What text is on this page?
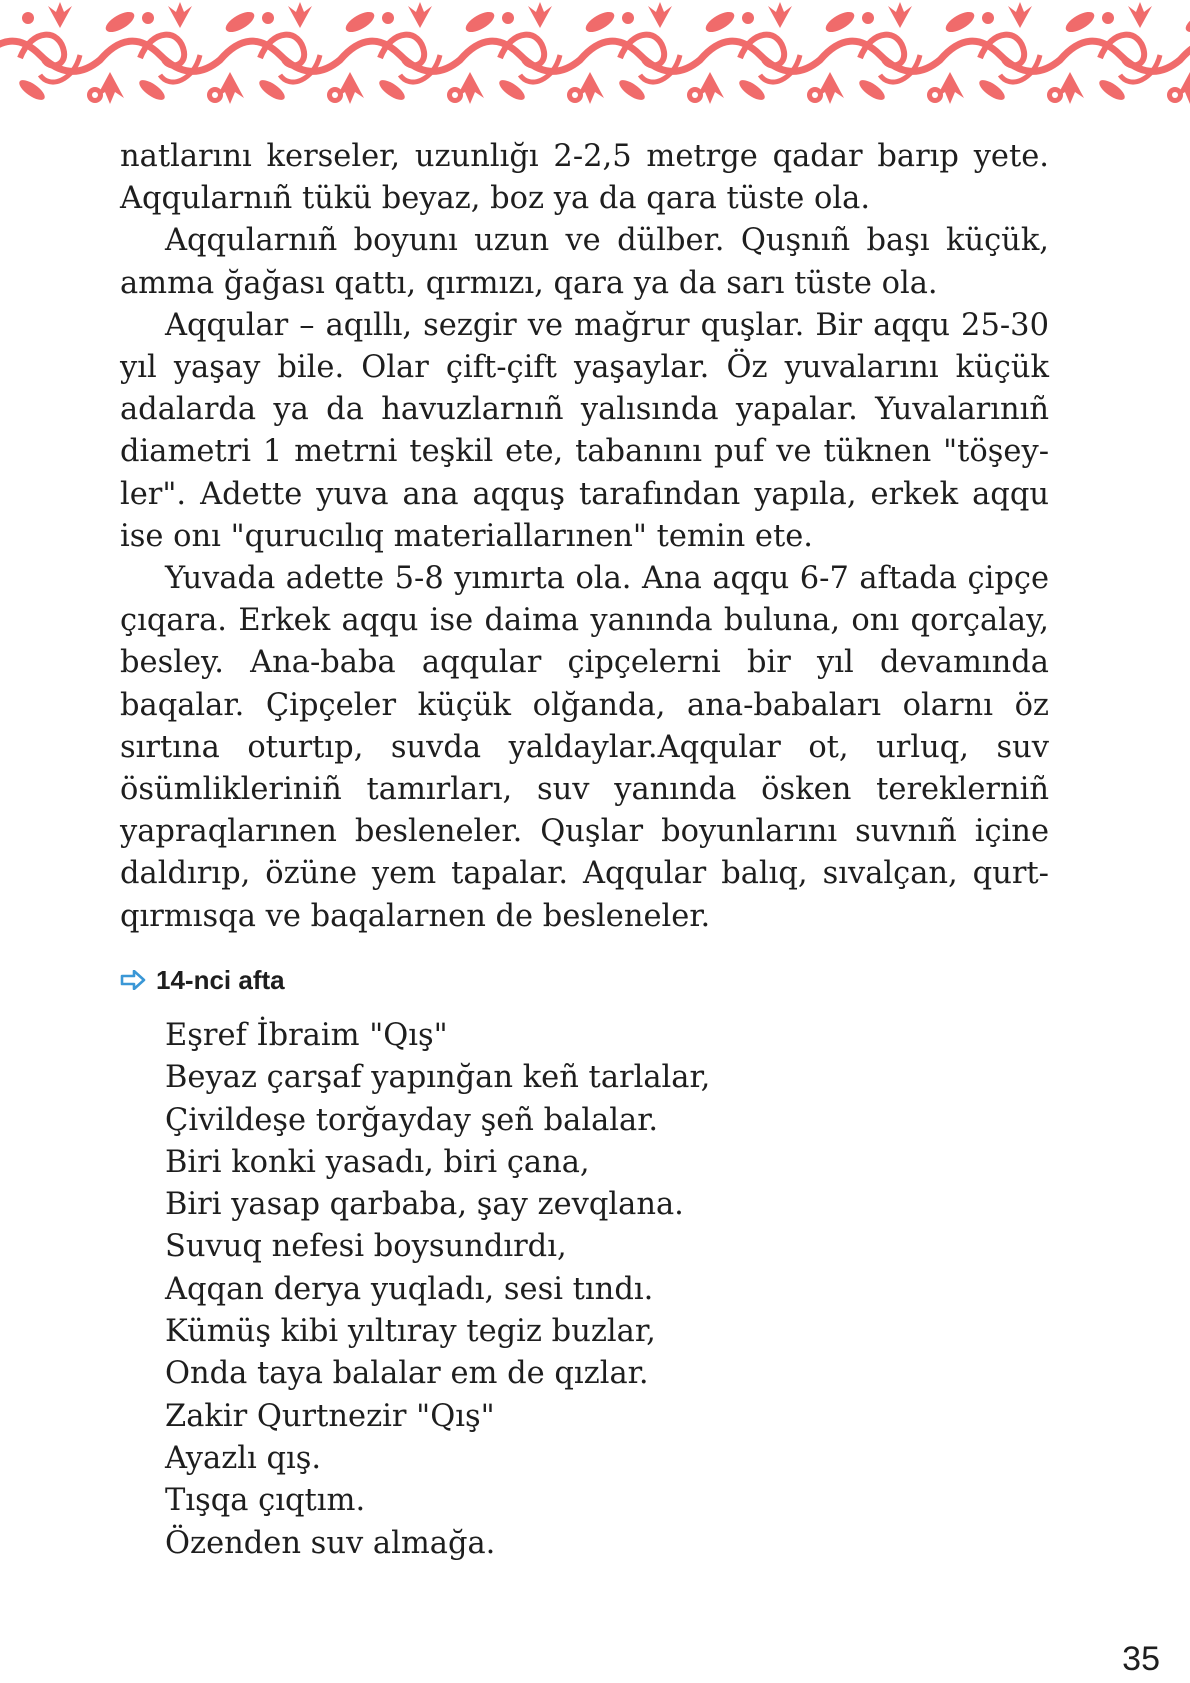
natlarını kerseler, uzunlığı 2-2,5 metrge qadar barıp yete. Aqqularnıñ tükü beyaz, boz ya da qara tüste ola.

Aqqularnıñ boyunı uzun ve dülber. Quşnıñ başı küçük, amma ğağası qattı, qırmızı, qara ya da sarı tüste ola.

Aqqular – aqıllı, sezgir ve mağrur quşlar. Bir aqqu 25-30 yıl yaşay bile. Olar çift-çift yaşaylar. Öz yuvalarını küçük adalarda ya da havuzlarnıñ yalısında yapalar. Yuvalarınıñ diametri 1 metrni teşkil ete, tabanını puf ve tüknen "töşeyler". Adette yuva ana aqquş tarafından yapıla, erkek aqqu ise onı "qurucılıq materiallarınen" temin ete.

Yuvada adette 5-8 yımırta ola. Ana aqqu 6-7 aftada çipçe çıqara. Erkek aqqu ise daima yanında buluna, onı qorçalay, besley. Ana-baba aqqular çipçelerni bir yıl devamında baqalar. Çipçeler küçük olğanda, ana-babaları olarnı öz sırtına oturtıp, suvda yaldaylar.Aqqular ot, urluq, suv ösümlikleriniñ tamırları, suv yanında ösken tereklerniñ yapraqlarınen besleneler. Quşlar boyunlarını suvnıñ içine daldırıp, özüne yem tapalar. Aqqular balıq, sıvalçan, qurt-qırmısqa ve baqalarnen de besleneler.

14-nci afta
Eşref İbraim "Qış"
Beyaz çarşaf yapınğan keñ tarlalar,
Çivildeşe torğayday şeñ balalar.
Biri konki yasadı, biri çana,
Biri yasap qarbaba, şay zevqlana.
Suvuq nefesi boysundırdı,
Aqqan derya yuqladı, sesi tındı.
Kümüş kibi yıltıray tegiz buzlar,
Onda taya balalar em de qızlar.
Zakir Qurtnezir "Qış"
Ayazlı qış.
Tışqa çıqtım.
Özenden suv almağa.
35
